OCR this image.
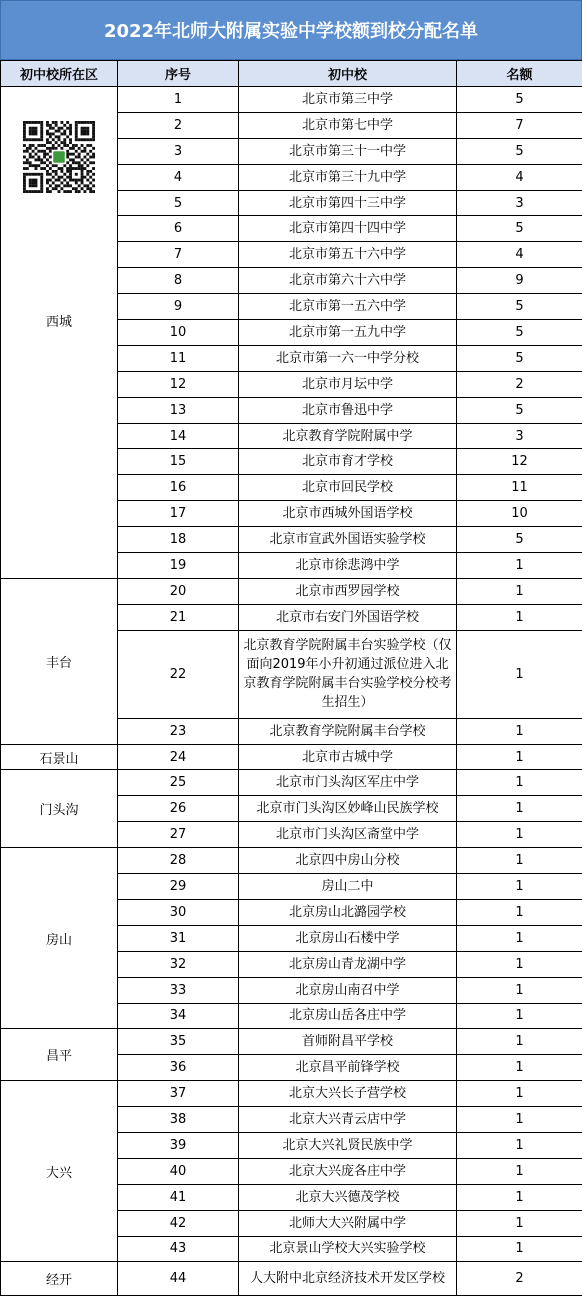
2022年北师大附属实验中学校额到校分配名单
初中校所在区	序号	初中校	名额

西城	1	北京市第三中学	5
	2	北京市第七中学	7
	3	北京市第三十一中学	5
	4	北京市第三十九中学	4
	5	北京市第四十三中学	3
	6	北京市第四十四中学	5
	7	北京市第五十六中学	4
	8	北京市第六十六中学	9
	9	北京市第一五六中学	5
	10	北京市第一五九中学	5
	11	北京市第一六一中学分校	5
	12	北京市月坛中学	2
	13	北京市鲁迅中学	5
	14	北京教育学院附属中学	3
	15	北京市育才学校	12
	16	北京市回民学校	11
	17	北京市西城外国语学校	10
	18	北京市宣武外国语实验学校	5
	19	北京市徐悲鸿中学	1
丰台	20	北京市西罗园学校	1
	21	北京市右安门外国语学校	1
	22	北京教育学院附属丰台实验学校（仅面向2019年小升初通过派位进入北京教育学院附属丰台实验学校分校考生招生）	1
	23	北京教育学院附属丰台学校	1
石景山	24	北京市古城中学	1
门头沟	25	北京市门头沟区军庄中学	1
	26	北京市门头沟区妙峰山民族学校	1
	27	北京市门头沟区斋堂中学	1
房山	28	北京四中房山分校	1
	29	房山二中	1
	30	北京房山北潞园学校	1
	31	北京房山石楼中学	1
	32	北京房山青龙湖中学	1
	33	北京房山南召中学	1
	34	北京房山岳各庄中学	1
昌平	35	首师附昌平学校	1
	36	北京昌平前锋学校	1
大兴	37	北京大兴长子营学校	1
	38	北京大兴青云店中学	1
	39	北京大兴礼贤民族中学	1
	40	北京大兴庞各庄中学	1
	41	北京大兴德茂学校	1
	42	北师大大兴附属中学	1
	43	北京景山学校大兴实验学校	1
经开	44	人大附中北京经济技术开发区学校	2
